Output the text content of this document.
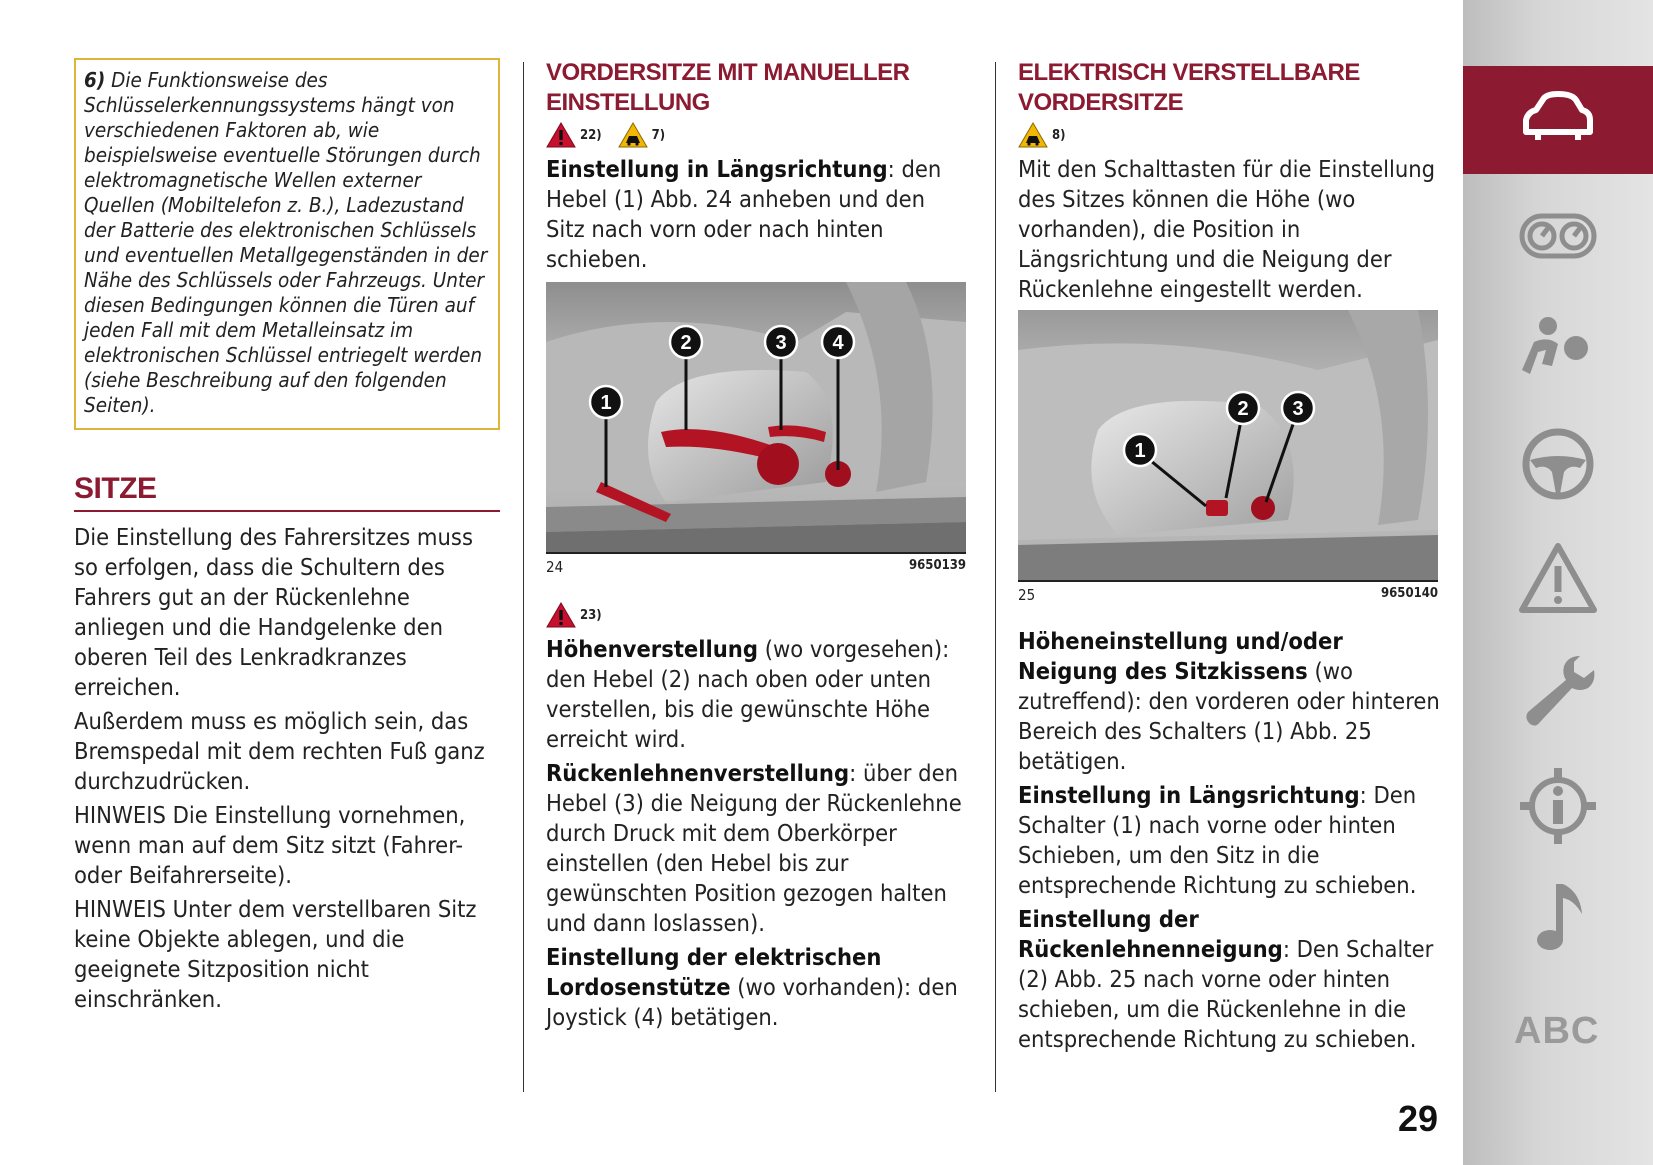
6) Die Funktionsweise des Schlüsselerkennungssystems hängt von verschiedenen Faktoren ab, wie beispielsweise eventuelle Störungen durch elektromagnetische Wellen externer Quellen (Mobiltelefon z. B.), Ladezustand der Batterie des elektronischen Schlüssels und eventuellen Metallgegenständen in der Nähe des Schlüssels oder Fahrzeugs. Unter diesen Bedingungen können die Türen auf jeden Fall mit dem Metalleinsatz im elektronischen Schlüssel entriegelt werden (siehe Beschreibung auf den folgenden Seiten).
SITZE

Die Einstellung des Fahrersitzes muss so erfolgen, dass die Schultern des Fahrers gut an der Rückenlehne anliegen und die Handgelenke den oberen Teil des Lenkradkranzes erreichen.

Außerdem muss es möglich sein, das Bremspedal mit dem rechten Fuß ganz durchzudrücken.

HINWEIS Die Einstellung vornehmen, wenn man auf dem Sitz sitzt (Fahrer- oder Beifahrerseite).

HINWEIS Unter dem verstellbaren Sitz keine Objekte ablegen, und die geeignete Sitzposition nicht einschränken.

VORDERSITZE MIT MANUELLER
EINSTELLUNG
22)	7)

Einstellung in Längsrichtung: den Hebel (1) Abb. 24 anheben und den Sitz nach vorn oder nach hinten schieben.

1
2	3 4
24	9650139
23)

Höhenverstellung (wo vorgesehen): den Hebel (2) nach oben oder unten verstellen, bis die gewünschte Höhe erreicht wird.

Rückenlehnenverstellung: über den Hebel (3) die Neigung der Rückenlehne durch Druck mit dem Oberkörper einstellen (den Hebel bis zur gewünschten Position gezogen halten und dann loslassen).

Einstellung der elektrischen Lordosenstütze (wo vorhanden): den Joystick (4) betätigen.

ELEKTRISCH VERSTELLBARE
VORDERSITZE
8)

Mit den Schalttasten für die Einstellung des Sitzes können die Höhe (wo vorhanden), die Position in Längsrichtung und die Neigung der Rückenlehne eingestellt werden.

1
2 3
25	9650140

Höheneinstellung und/oder Neigung des Sitzkissens (wo zutreffend): den vorderen oder hinteren Bereich des Schalters (1) Abb. 25 betätigen.

Einstellung in Längsrichtung: Den Schalter (1) nach vorne oder hinten Schieben, um den Sitz in die entsprechende Richtung zu schieben.

Einstellung der Rückenlehnenneigung: Den Schalter (2) Abb. 25 nach vorne oder hinten schieben, um die Rückenlehne in die entsprechende Richtung zu schieben.	ABC
29
